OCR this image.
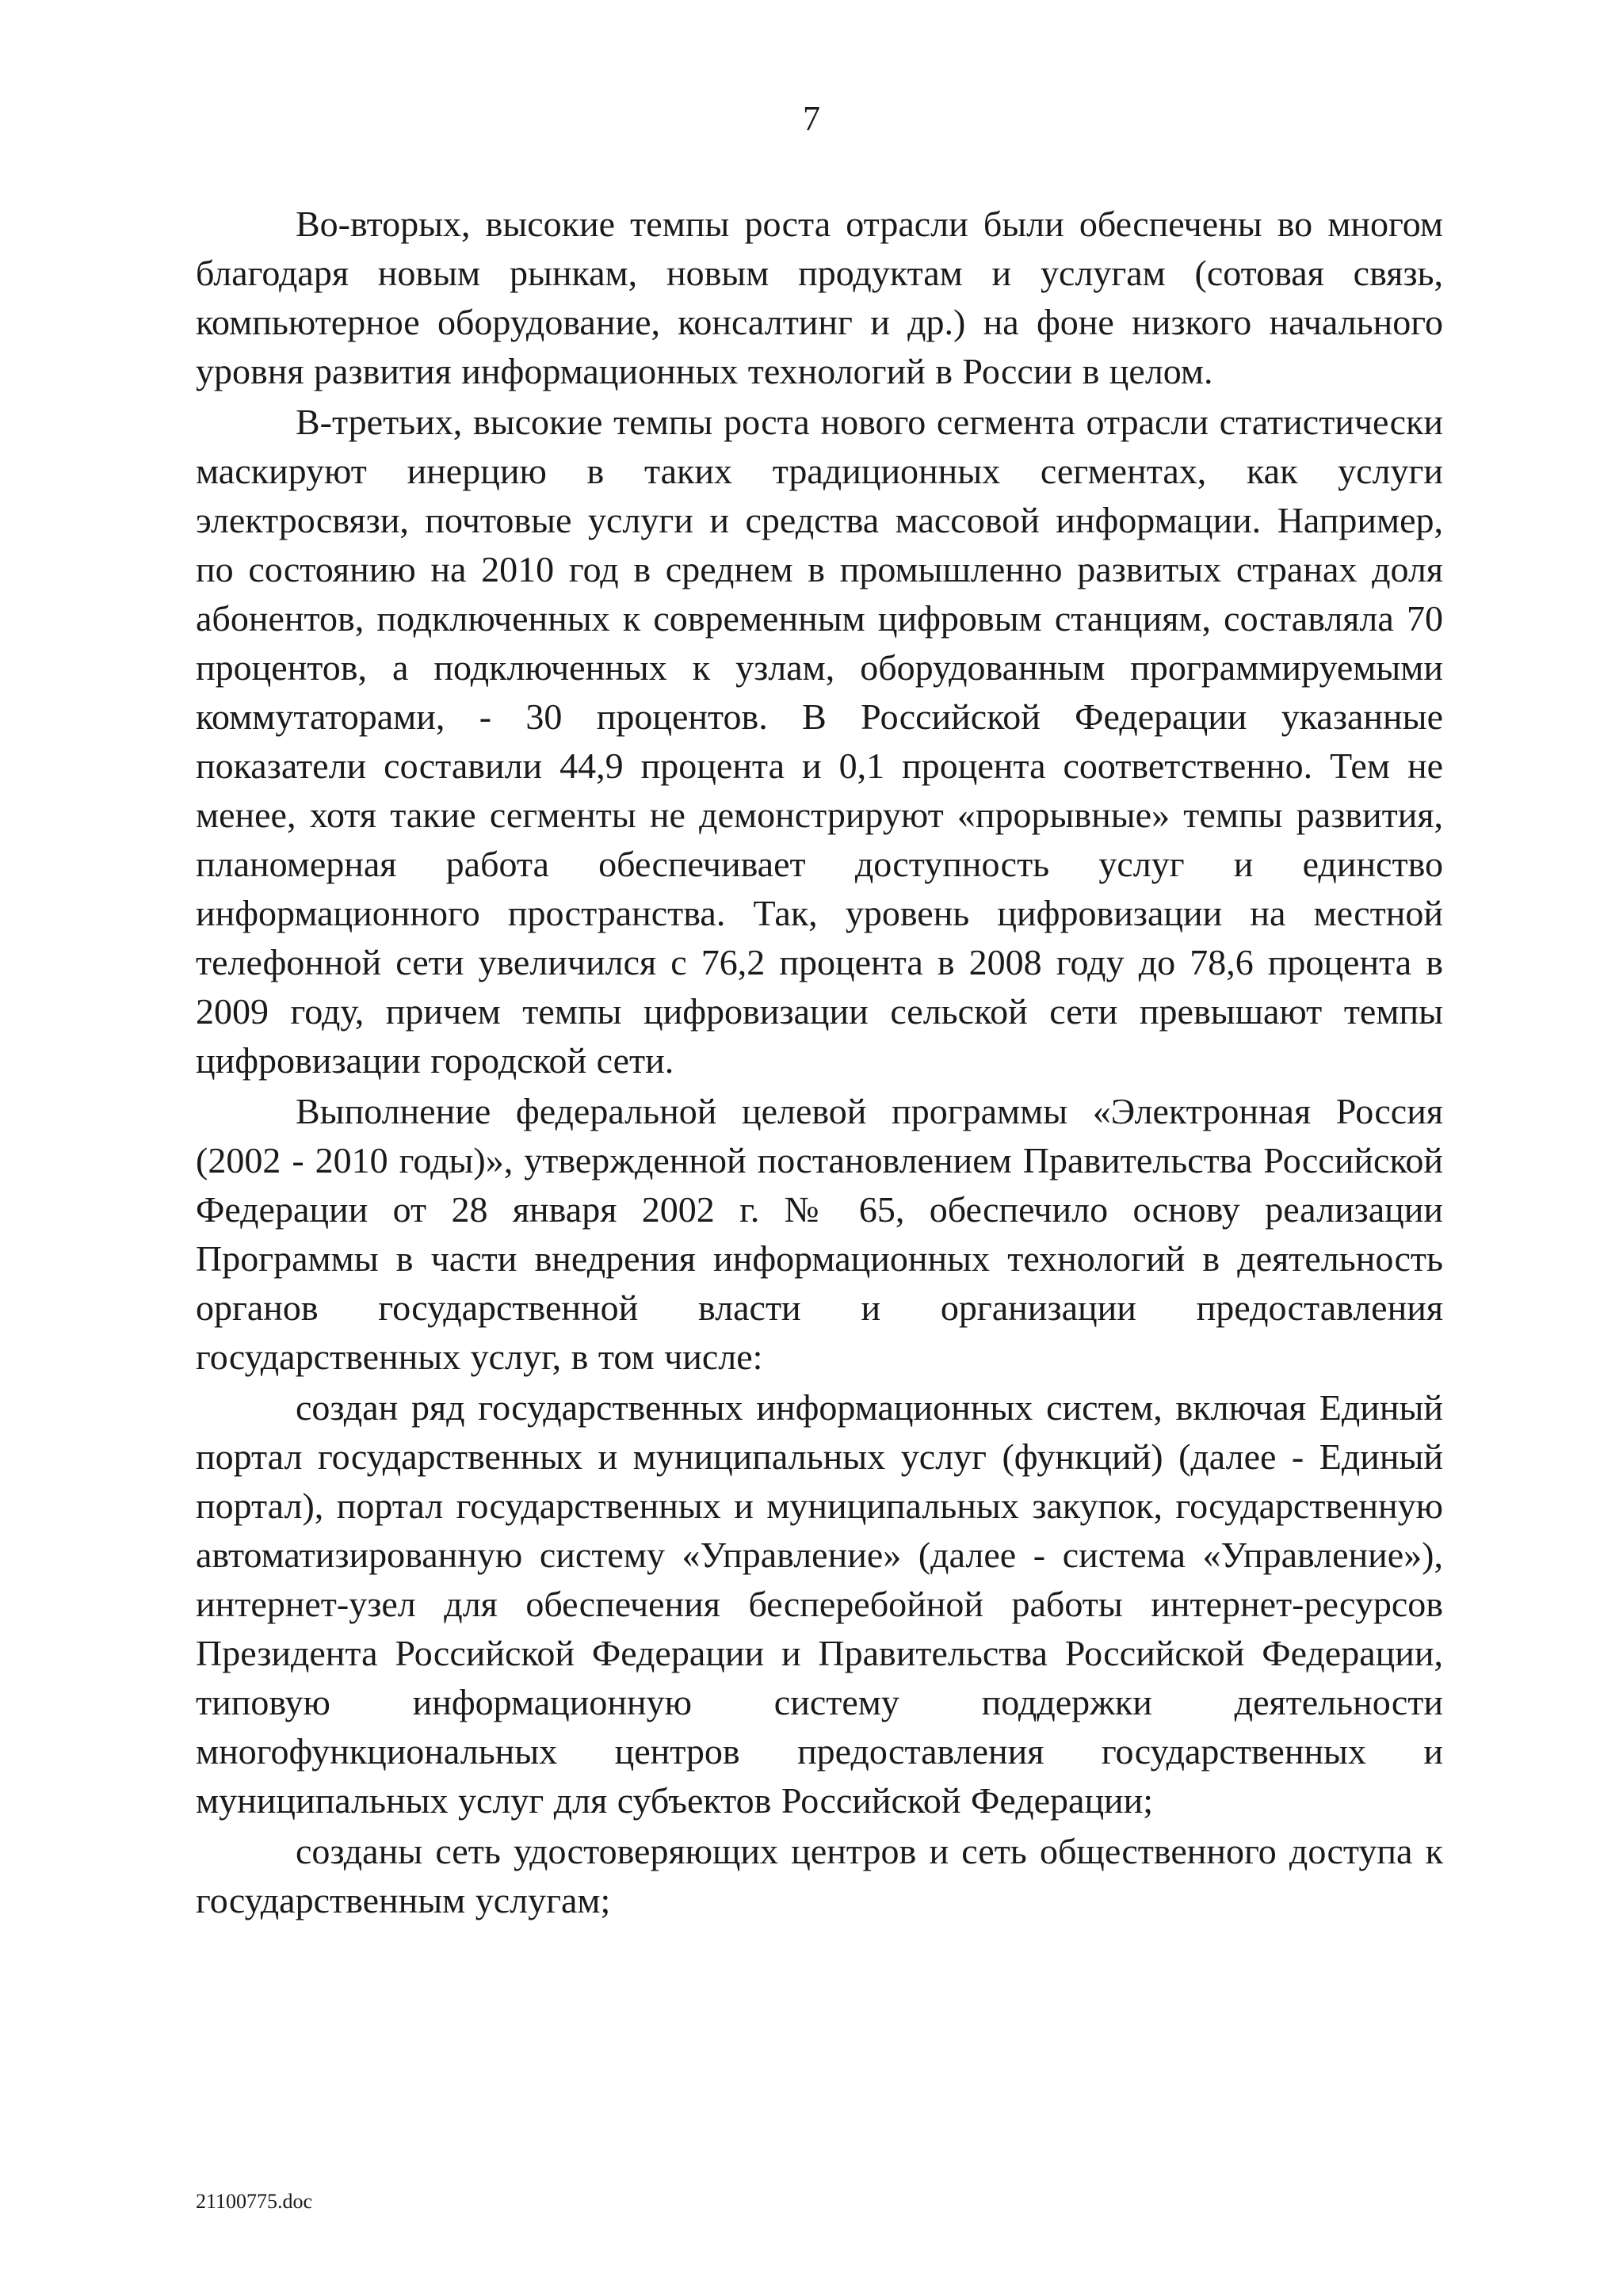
7

Во-вторых, высокие темпы роста отрасли были обеспечены во многом благодаря новым рынкам, новым продуктам и услугам (сотовая связь, компьютерное оборудование, консалтинг и др.) на фоне низкого начального уровня развития информационных технологий в России в целом.

В-третьих, высокие темпы роста нового сегмента отрасли статистически маскируют инерцию в таких традиционных сегментах, как услуги электросвязи, почтовые услуги и средства массовой информации. Например, по состоянию на 2010 год в среднем в промышленно развитых странах доля абонентов, подключенных к современным цифровым станциям, составляла 70 процентов, а подключенных к узлам, оборудованным программируемыми коммутаторами, - 30 процентов. В Российской Федерации указанные показатели составили 44,9 процента и 0,1 процента соответственно. Тем не менее, хотя такие сегменты не демонстрируют «прорывные» темпы развития, планомерная работа обеспечивает доступность услуг и единство информационного пространства. Так, уровень цифровизации на местной телефонной сети увеличился с 76,2 процента в 2008 году до 78,6 процента в 2009 году, причем темпы цифровизации сельской сети превышают темпы цифровизации городской сети.

Выполнение федеральной целевой программы «Электронная Россия (2002 - 2010 годы)», утвержденной постановлением Правительства Российской Федерации от 28 января 2002 г. № 65, обеспечило основу реализации Программы в части внедрения информационных технологий в деятельность органов государственной власти и организации предоставления государственных услуг, в том числе:

создан ряд государственных информационных систем, включая Единый портал государственных и муниципальных услуг (функций) (далее - Единый портал), портал государственных и муниципальных закупок, государственную автоматизированную систему «Управление» (далее - система «Управление»), интернет-узел для обеспечения бесперебойной работы интернет-ресурсов Президента Российской Федерации и Правительства Российской Федерации, типовую информационную систему поддержки деятельности многофункциональных центров предоставления государственных и муниципальных услуг для субъектов Российской Федерации;

созданы сеть удостоверяющих центров и сеть общественного доступа к государственным услугам;

21100775.doc
